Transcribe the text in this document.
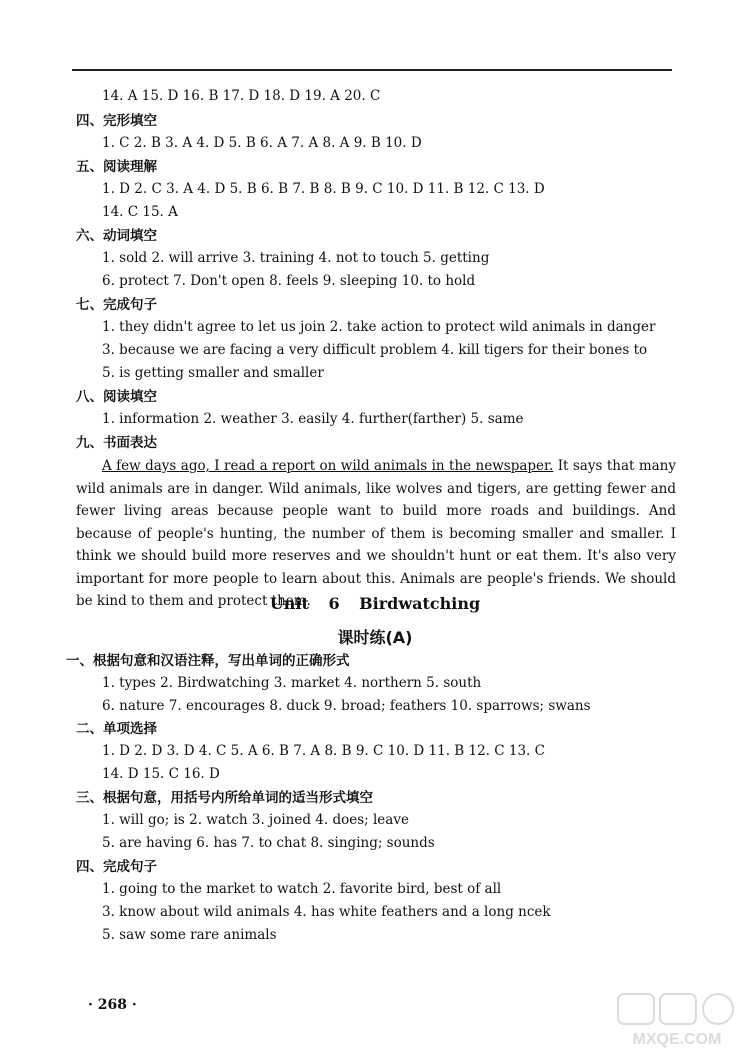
14. A 15. D 16. B 17. D 18. D 19. A 20. C
四、完形填空
1. C 2. B 3. A 4. D 5. B 6. A 7. A 8. A 9. B 10. D
五、阅读理解
1. D 2. C 3. A 4. D 5. B 6. B 7. B 8. B 9. C 10. D 11. B 12. C 13. D
14. C 15. A
六、动词填空
1. sold 2. will arrive 3. training 4. not to touch 5. getting
6. protect 7. Don't open 8. feels 9. sleeping 10. to hold
七、完成句子
1. they didn't agree to let us join 2. take action to protect wild animals in danger
3. because we are facing a very difficult problem 4. kill tigers for their bones to
5. is getting smaller and smaller
八、阅读填空
1. information 2. weather 3. easily 4. further(farther) 5. same
九、书面表达
A few days ago, I read a report on wild animals in the newspaper. It says that many wild animals are in danger. Wild animals, like wolves and tigers, are getting fewer and fewer living areas because people want to build more roads and buildings. And because of people's hunting, the number of them is becoming smaller and smaller. I think we should build more reserves and we shouldn't hunt or eat them. It's also very important for more people to learn about this. Animals are people's friends. We should be kind to them and protect them.
Unit 6 Birdwatching
课时练(A)
一、根据句意和汉语注释，写出单词的正确形式
1. types 2. Birdwatching 3. market 4. northern 5. south
6. nature 7. encourages 8. duck 9. broad; feathers 10. sparrows; swans
二、单项选择
1. D 2. D 3. D 4. C 5. A 6. B 7. A 8. B 9. C 10. D 11. B 12. C 13. C
14. D 15. C 16. D
三、根据句意，用括号内所给单词的适当形式填空
1. will go; is 2. watch 3. joined 4. does; leave
5. are having 6. has 7. to chat 8. singing; sounds
四、完成句子
1. going to the market to watch 2. favorite bird, best of all
3. know about wild animals 4. has white feathers and a long ncek
5. saw some rare animals
· 268 ·
MXQE.COM
